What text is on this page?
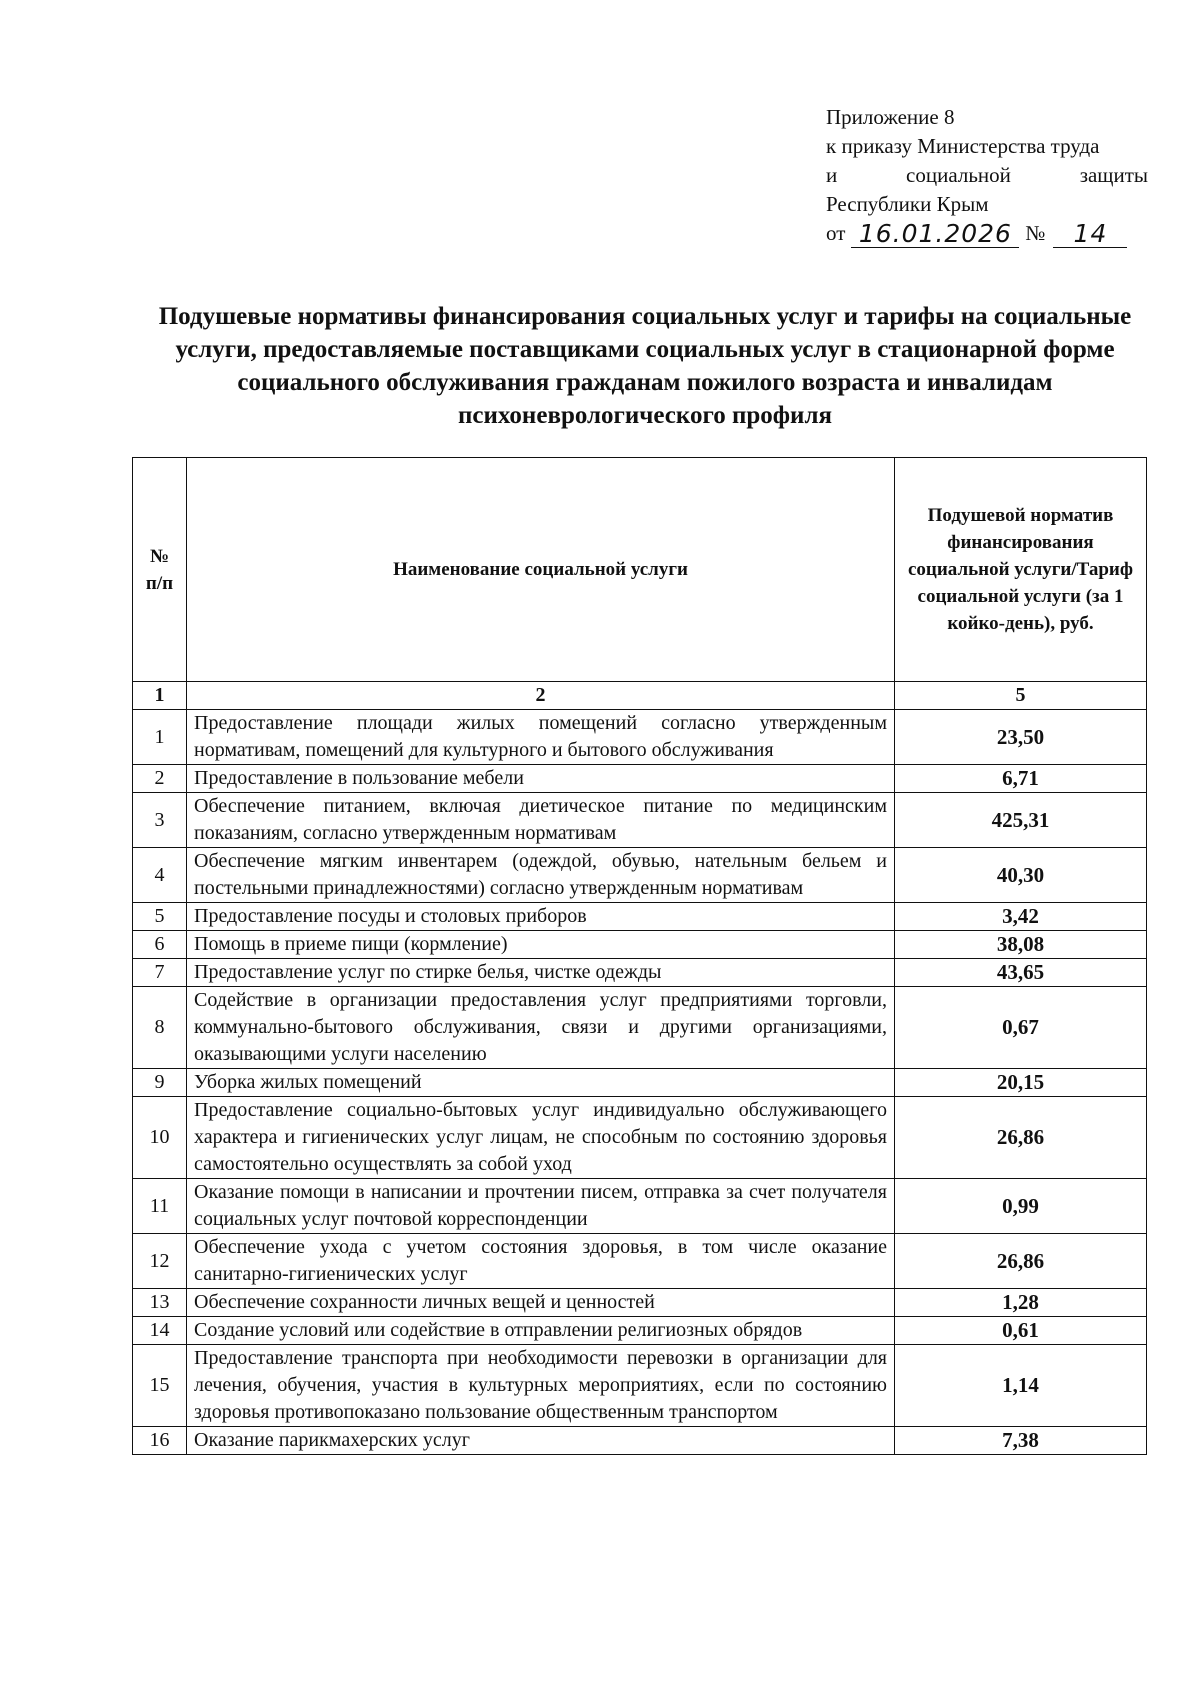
Приложение 8
к приказу Министерства труда
и	социальной	защиты
Республики Крым
от 16.01.2026 №	14
Подушевые нормативы финансирования социальных услуг и тарифы на социальные услуги, предоставляемые поставщиками социальных услуг в стационарной форме социального обслуживания гражданам пожилого возраста и инвалидам психоневрологического профиля
№ п/п	Наименование социальной услуги	Подушевой норматив финансирования социальной услуги/Тариф социальной услуги (за 1 койко-день), руб.
1	2	5
1	Предоставление площади жилых помещений согласно утвержденным нормативам, помещений для культурного и бытового обслуживания	23,50
2	Предоставление в пользование мебели	6,71
3	Обеспечение питанием, включая диетическое питание по медицинским показаниям, согласно утвержденным нормативам	425,31
4	Обеспечение мягким инвентарем (одеждой, обувью, нательным бельем и постельными принадлежностями) согласно утвержденным нормативам	40,30
5	Предоставление посуды и столовых приборов	3,42
6	Помощь в приеме пищи (кормление)	38,08
7	Предоставление услуг по стирке белья, чистке одежды	43,65
8	Содействие в организации предоставления услуг предприятиями торговли, коммунально-бытового обслуживания, связи и другими организациями, оказывающими услуги населению	0,67
9	Уборка жилых помещений	20,15
10	Предоставление социально-бытовых услуг индивидуально обслуживающего характера и гигиенических услуг лицам, не способным по состоянию здоровья самостоятельно осуществлять за собой уход	26,86
11	Оказание помощи в написании и прочтении писем, отправка за счет получателя социальных услуг почтовой корреспонденции	0,99
12	Обеспечение ухода с учетом состояния здоровья, в том числе оказание санитарно-гигиенических услуг	26,86
13	Обеспечение сохранности личных вещей и ценностей	1,28
14	Создание условий или содействие в отправлении религиозных обрядов	0,61
15	Предоставление транспорта при необходимости перевозки в организации для лечения, обучения, участия в культурных мероприятиях, если по состоянию здоровья противопоказано пользование общественным транспортом	1,14
16	Оказание парикмахерских услуг	7,38
